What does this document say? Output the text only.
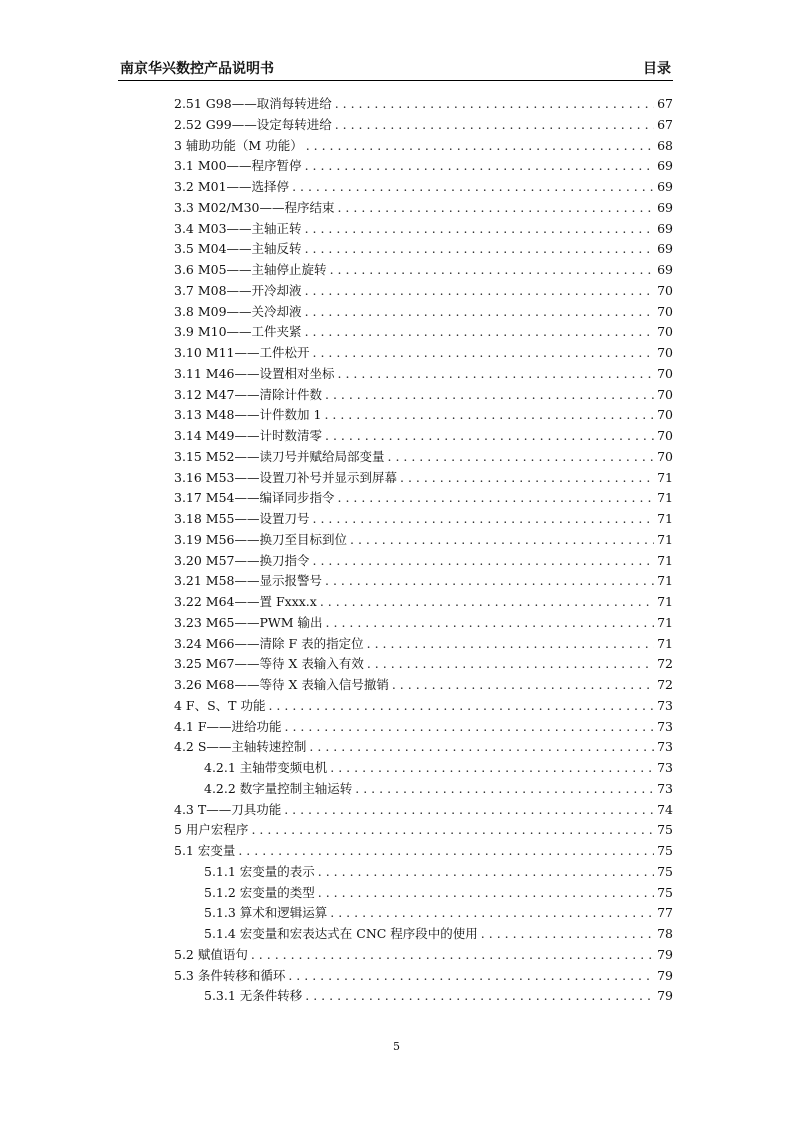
南京华兴数控产品说明书	目录
2.51 G98——取消每转进给 . . .	67
2.52 G99——设定每转进给 . . .	67
3 辅助功能（M 功能） . . .	68
3.1 M00——程序暂停 . . .	69
3.2 M01——选择停 . . .	69
3.3 M02/M30——程序结束 . . .	69
3.4 M03——主轴正转 . . .	69
3.5 M04——主轴反转 . . .	69
3.6 M05——主轴停止旋转 . . .	69
3.7 M08——开冷却液 . . .	70
3.8 M09——关冷却液 . . .	70
3.9 M10——工件夹紧 . . .	70
3.10 M11——工件松开 . . .	70
3.11 M46——设置相对坐标 . . .	70
3.12 M47——清除计件数 . . .	70
3.13 M48——计件数加 1 . . .	70
3.14 M49——计时数清零 . . .	70
3.15 M52——读刀号并赋给局部变量 . . .	70
3.16 M53——设置刀补号并显示到屏幕 . . .	71
3.17 M54——编译同步指令 . . .	71
3.18 M55——设置刀号 . . .	71
3.19 M56——换刀至目标到位 . . .	71
3.20 M57——换刀指令 . . .	71
3.21 M58——显示报警号 . . .	71
3.22 M64——置 Fxxx.x . . .	71
3.23 M65——PWM 输出 . . .	71
3.24 M66——清除 F 表的指定位 . . .	71
3.25 M67——等待 X 表输入有效 . . .	72
3.26 M68——等待 X 表输入信号撤销 . . .	72
4 F、S、T 功能 . . .	73
4.1 F——进给功能 . . .	73
4.2 S——主轴转速控制 . . .	73
4.2.1 主轴带变频电机 . . .	73
4.2.2 数字量控制主轴运转 . . .	73
4.3 T——刀具功能 . . .	74
5 用户宏程序 . . .	75
5.1 宏变量 . . .	75
5.1.1 宏变量的表示 . . .	75
5.1.2 宏变量的类型 . . .	75
5.1.3 算术和逻辑运算 . . .	77
5.1.4 宏变量和宏表达式在 CNC 程序段中的使用 . . .	78
5.2 赋值语句 . . .	79
5.3 条件转移和循环 . . .	79
5.3.1 无条件转移 . . .	79
5
